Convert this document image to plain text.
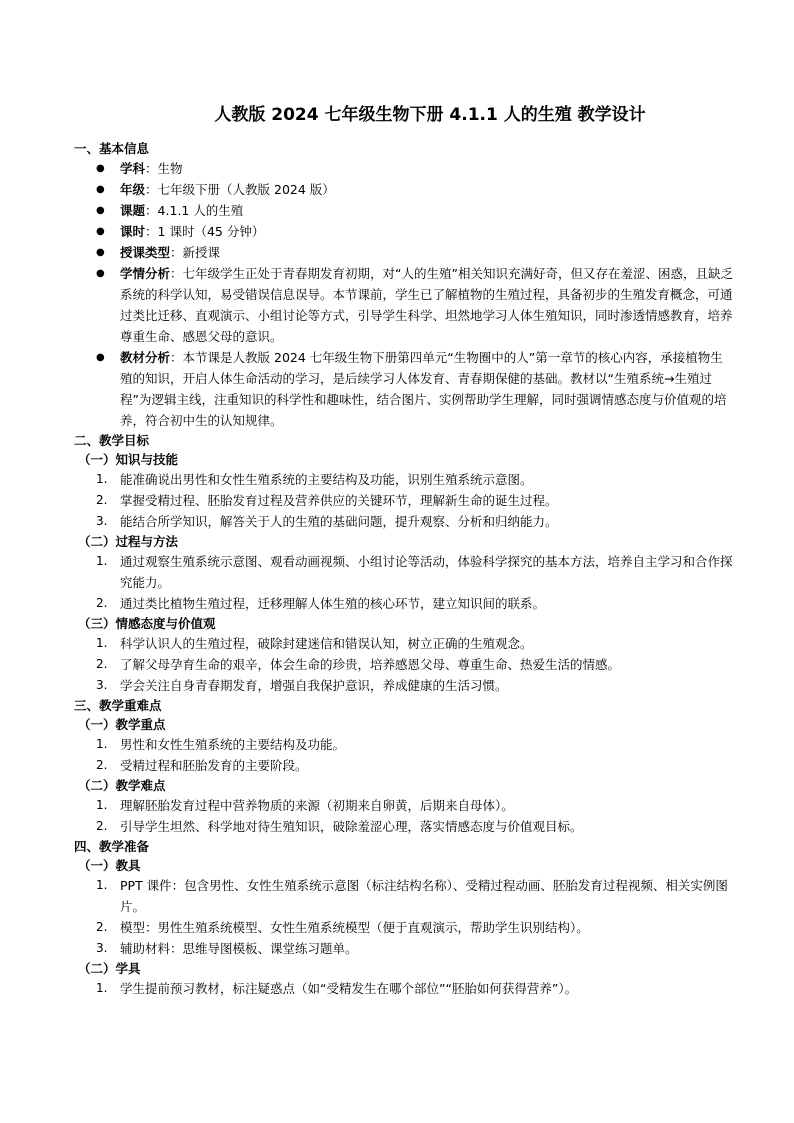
人教版 2024 七年级生物下册 4.1.1 人的生殖 教学设计
一、基本信息
● 学科：生物
● 年级：七年级下册（人教版 2024 版）
● 课题：4.1.1 人的生殖
● 课时：1 课时（45 分钟）
● 授课类型：新授课
● 学情分析：七年级学生正处于青春期发育初期，对“人的生殖”相关知识充满好奇，但又存在羞涩、困惑，且缺乏系统的科学认知，易受错误信息误导。本节课前，学生已了解植物的生殖过程，具备初步的生殖发育概念，可通过类比迁移、直观演示、小组讨论等方式，引导学生科学、坦然地学习人体生殖知识，同时渗透情感教育，培养尊重生命、感恩父母的意识。
● 教材分析：本节课是人教版 2024 七年级生物下册第四单元“生物圈中的人”第一章节的核心内容，承接植物生殖的知识，开启人体生命活动的学习，是后续学习人体发育、青春期保健的基础。教材以“生殖系统→生殖过程”为逻辑主线，注重知识的科学性和趣味性，结合图片、实例帮助学生理解，同时强调情感态度与价值观的培养，符合初中生的认知规律。
二、教学目标
（一）知识与技能
1. 能准确说出男性和女性生殖系统的主要结构及功能，识别生殖系统示意图。
2. 掌握受精过程、胚胎发育过程及营养供应的关键环节，理解新生命的诞生过程。
3. 能结合所学知识，解答关于人的生殖的基础问题，提升观察、分析和归纳能力。
（二）过程与方法
1. 通过观察生殖系统示意图、观看动画视频、小组讨论等活动，体验科学探究的基本方法，培养自主学习和合作探究能力。
2. 通过类比植物生殖过程，迁移理解人体生殖的核心环节，建立知识间的联系。
（三）情感态度与价值观
1. 科学认识人的生殖过程，破除封建迷信和错误认知，树立正确的生殖观念。
2. 了解父母孕育生命的艰辛，体会生命的珍贵，培养感恩父母、尊重生命、热爱生活的情感。
3. 学会关注自身青春期发育，增强自我保护意识，养成健康的生活习惯。
三、教学重难点
（一）教学重点
1. 男性和女性生殖系统的主要结构及功能。
2. 受精过程和胚胎发育的主要阶段。
（二）教学难点
1. 理解胚胎发育过程中营养物质的来源（初期来自卵黄，后期来自母体）。
2. 引导学生坦然、科学地对待生殖知识，破除羞涩心理，落实情感态度与价值观目标。
四、教学准备
（一）教具
1. PPT 课件：包含男性、女性生殖系统示意图（标注结构名称）、受精过程动画、胚胎发育过程视频、相关实例图片。
2. 模型：男性生殖系统模型、女性生殖系统模型（便于直观演示，帮助学生识别结构）。
3. 辅助材料：思维导图模板、课堂练习题单。
（二）学具
1. 学生提前预习教材，标注疑惑点（如“受精发生在哪个部位”“胚胎如何获得营养”）。
